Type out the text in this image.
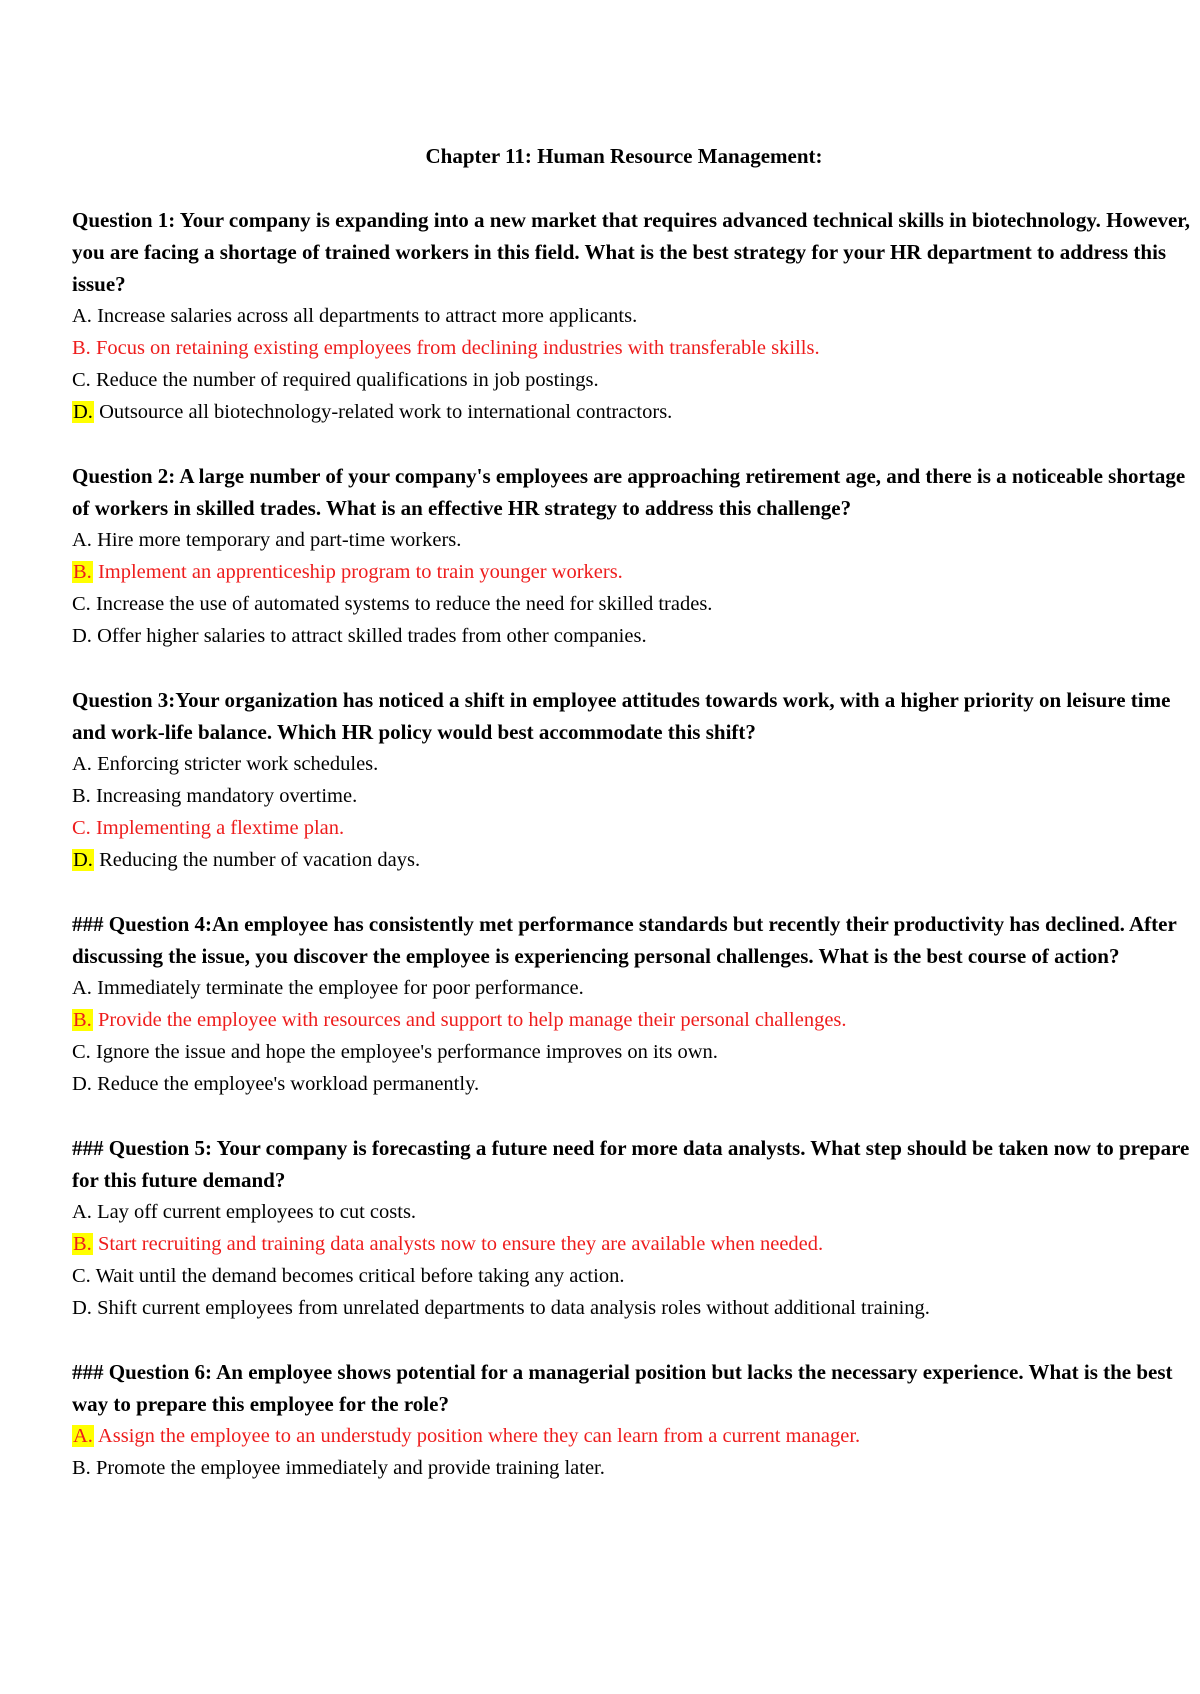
Chapter 11: Human Resource Management:
Question 1: Your company is expanding into a new market that requires advanced technical skills in biotechnology. However, you are facing a shortage of trained workers in this field. What is the best strategy for your HR department to address this issue?
A. Increase salaries across all departments to attract more applicants.
B. Focus on retaining existing employees from declining industries with transferable skills.
C. Reduce the number of required qualifications in job postings.
D. Outsource all biotechnology-related work to international contractors.
Question 2: A large number of your company's employees are approaching retirement age, and there is a noticeable shortage of workers in skilled trades. What is an effective HR strategy to address this challenge?
A. Hire more temporary and part-time workers.
B. Implement an apprenticeship program to train younger workers.
C. Increase the use of automated systems to reduce the need for skilled trades.
D. Offer higher salaries to attract skilled trades from other companies.
Question 3:Your organization has noticed a shift in employee attitudes towards work, with a higher priority on leisure time and work-life balance. Which HR policy would best accommodate this shift?
A. Enforcing stricter work schedules.
B. Increasing mandatory overtime.
C. Implementing a flextime plan.
D. Reducing the number of vacation days.
### Question 4:An employee has consistently met performance standards but recently their productivity has declined. After discussing the issue, you discover the employee is experiencing personal challenges. What is the best course of action?
A. Immediately terminate the employee for poor performance.
B. Provide the employee with resources and support to help manage their personal challenges.
C. Ignore the issue and hope the employee's performance improves on its own.
D. Reduce the employee's workload permanently.
### Question 5: Your company is forecasting a future need for more data analysts. What step should be taken now to prepare for this future demand?
A. Lay off current employees to cut costs.
B. Start recruiting and training data analysts now to ensure they are available when needed.
C. Wait until the demand becomes critical before taking any action.
D. Shift current employees from unrelated departments to data analysis roles without additional training.
### Question 6: An employee shows potential for a managerial position but lacks the necessary experience. What is the best way to prepare this employee for the role?
A. Assign the employee to an understudy position where they can learn from a current manager.
B. Promote the employee immediately and provide training later.
